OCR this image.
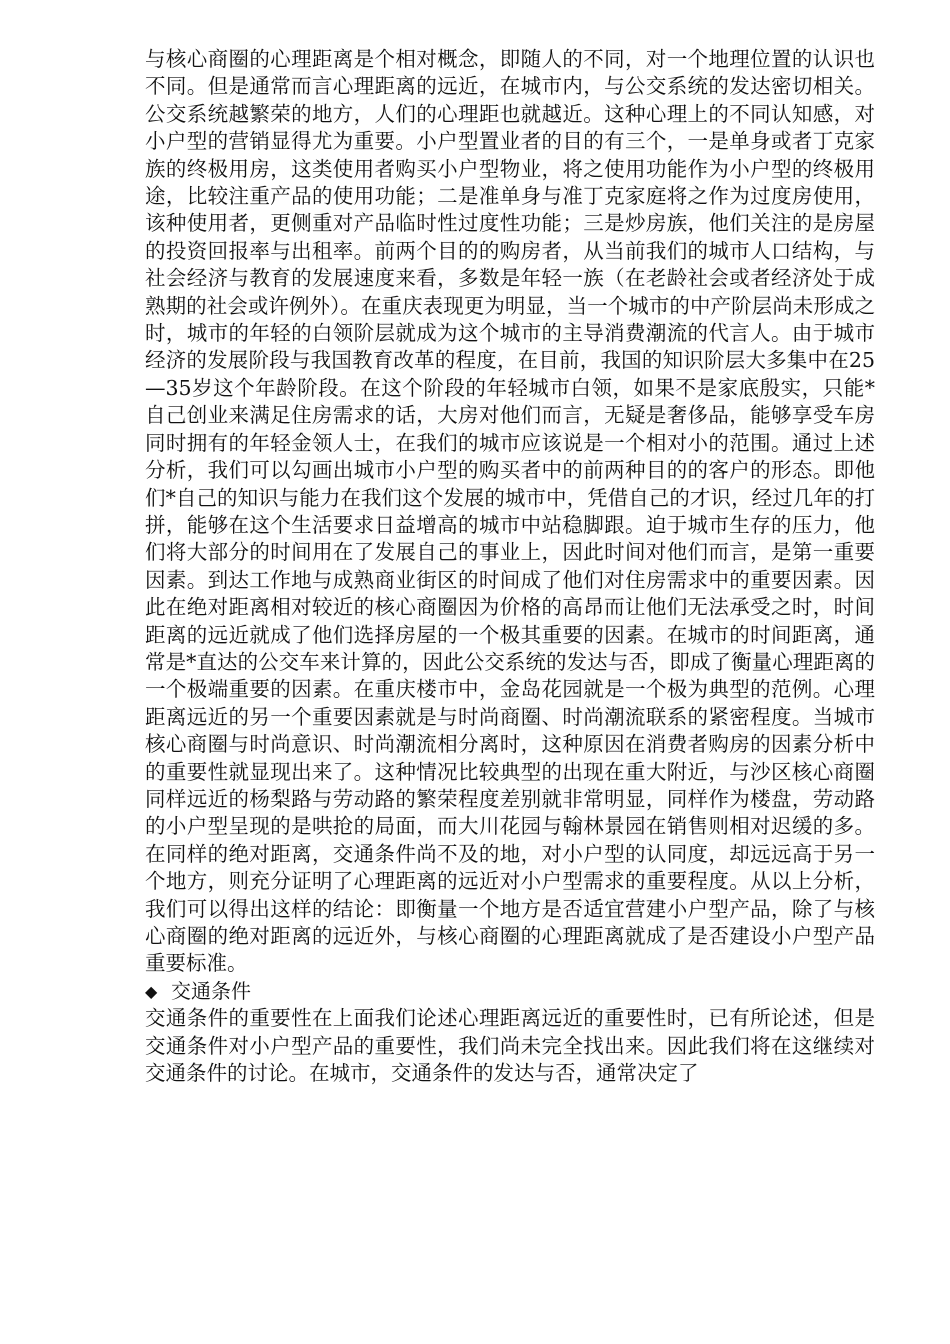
与核心商圈的心理距离是个相对概念，即随人的不同，对一个地理位置的认识也不同。但是通常而言心理距离的远近，在城市内，与公交系统的发达密切相关。公交系统越繁荣的地方，人们的心理距也就越近。这种心理上的不同认知感，对小户型的营销显得尤为重要。小户型置业者的目的有三个，一是单身或者丁克家族的终极用房，这类使用者购买小户型物业，将之使用功能作为小户型的终极用途，比较注重产品的使用功能；二是准单身与准丁克家庭将之作为过度房使用，该种使用者，更侧重对产品临时性过度性功能；三是炒房族，他们关注的是房屋的投资回报率与出租率。前两个目的的购房者，从当前我们的城市人口结构，与社会经济与教育的发展速度来看，多数是年轻一族（在老龄社会或者经济处于成熟期的社会或许例外）。在重庆表现更为明显，当一个城市的中产阶层尚未形成之时，城市的年轻的白领阶层就成为这个城市的主导消费潮流的代言人。由于城市经济的发展阶段与我国教育改革的程度，在目前，我国的知识阶层大多集中在25—35岁这个年龄阶段。在这个阶段的年轻城市白领，如果不是家底殷实，只能*自己创业来满足住房需求的话，大房对他们而言，无疑是奢侈品，能够享受车房同时拥有的年轻金领人士，在我们的城市应该说是一个相对小的范围。通过上述分析，我们可以勾画出城市小户型的购买者中的前两种目的的客户的形态。即他们*自己的知识与能力在我们这个发展的城市中，凭借自己的才识，经过几年的打拼，能够在这个生活要求日益增高的城市中站稳脚跟。迫于城市生存的压力，他们将大部分的时间用在了发展自己的事业上，因此时间对他们而言，是第一重要因素。到达工作地与成熟商业街区的时间成了他们对住房需求中的重要因素。因此在绝对距离相对较近的核心商圈因为价格的高昂而让他们无法承受之时，时间距离的远近就成了他们选择房屋的一个极其重要的因素。在城市的时间距离，通常是*直达的公交车来计算的，因此公交系统的发达与否，即成了衡量心理距离的一个极端重要的因素。在重庆楼市中，金岛花园就是一个极为典型的范例。心理距离远近的另一个重要因素就是与时尚商圈、时尚潮流联系的紧密程度。当城市核心商圈与时尚意识、时尚潮流相分离时，这种原因在消费者购房的因素分析中的重要性就显现出来了。这种情况比较典型的出现在重大附近，与沙区核心商圈同样远近的杨梨路与劳动路的繁荣程度差别就非常明显，同样作为楼盘，劳动路的小户型呈现的是哄抢的局面，而大川花园与翰林景园在销售则相对迟缓的多。在同样的绝对距离，交通条件尚不及的地，对小户型的认同度，却远远高于另一个地方，则充分证明了心理距离的远近对小户型需求的重要程度。从以上分析，我们可以得出这样的结论：即衡量一个地方是否适宜营建小户型产品，除了与核心商圈的绝对距离的远近外，与核心商圈的心理距离就成了是否建设小户型产品重要标准。

◆ 交通条件

交通条件的重要性在上面我们论述心理距离远近的重要性时，已有所论述，但是交通条件对小户型产品的重要性，我们尚未完全找出来。因此我们将在这继续对交通条件的讨论。在城市，交通条件的发达与否，通常决定了
